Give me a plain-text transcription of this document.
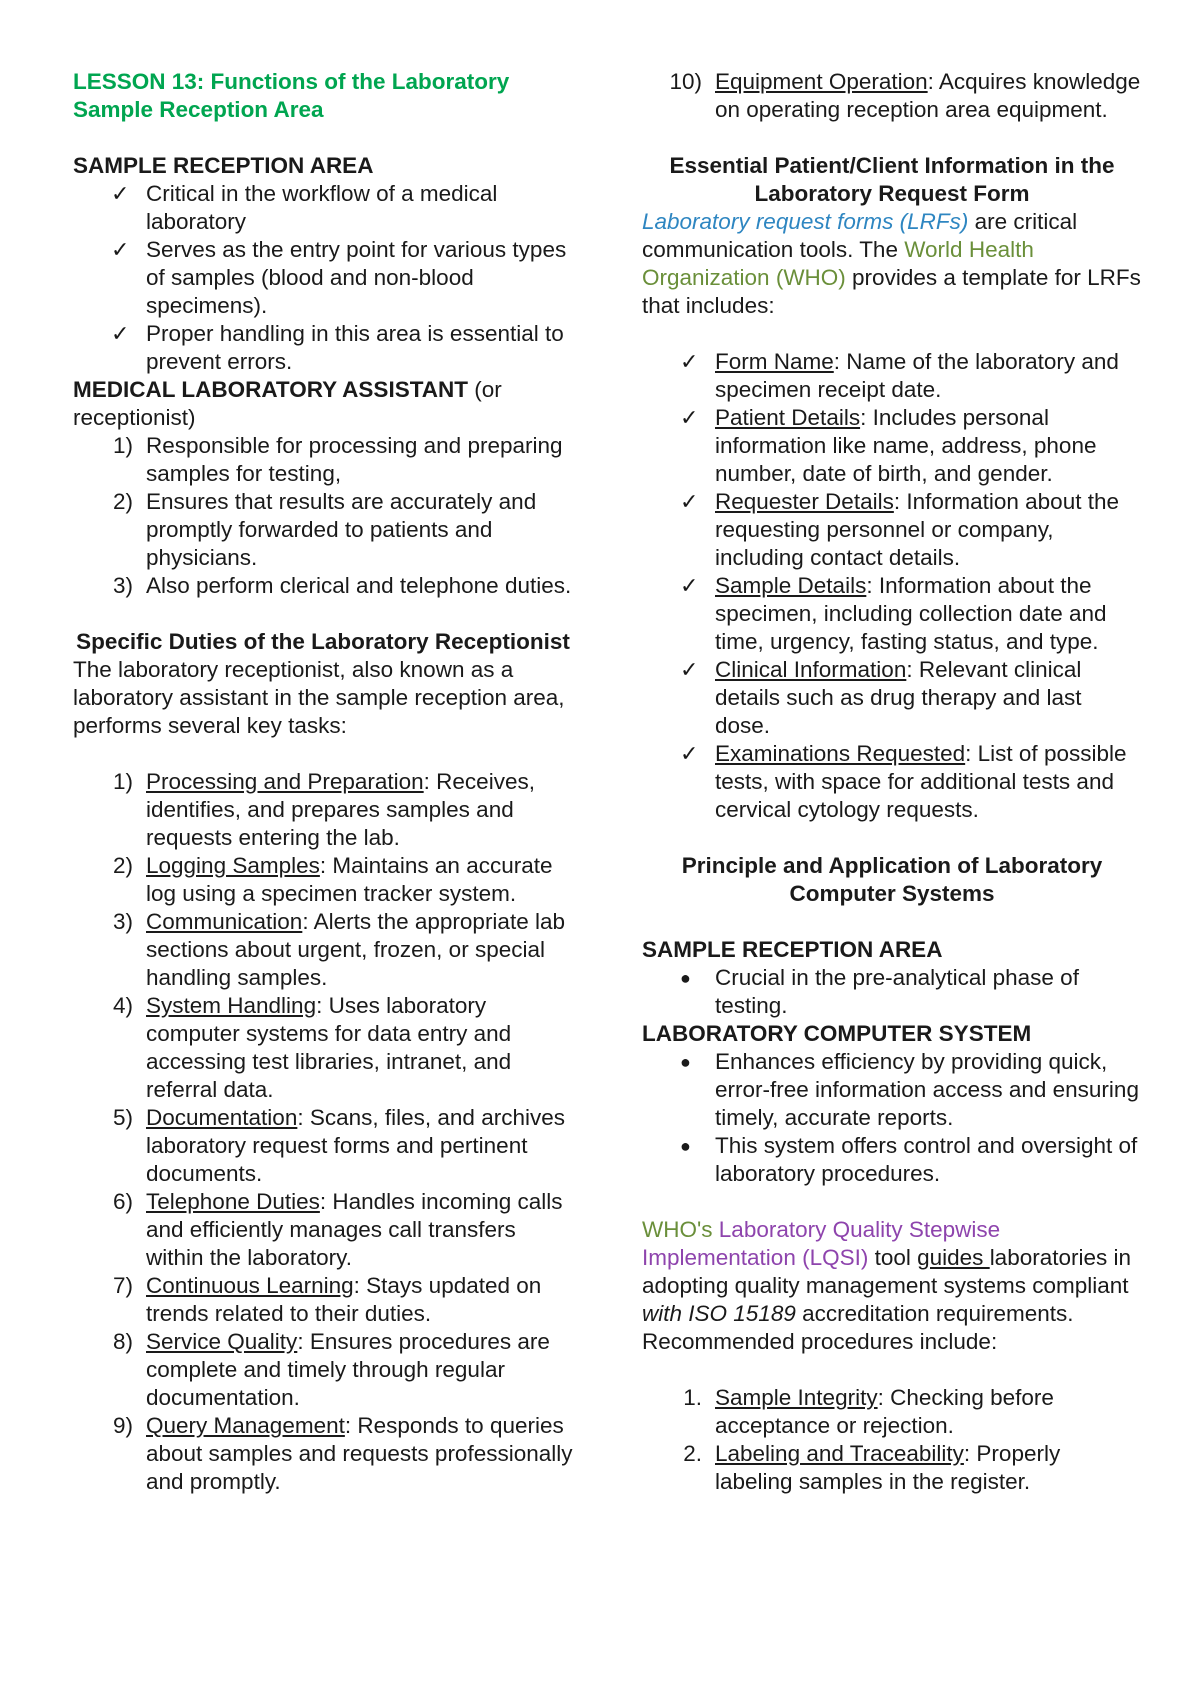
LESSON 13: Functions of the Laboratory Sample Reception Area

SAMPLE RECEPTION AREA

✓ Critical in the workflow of a medical laboratory
✓ Serves as the entry point for various types of samples (blood and non-blood specimens).
✓ Proper handling in this area is essential to prevent errors.

MEDICAL LABORATORY ASSISTANT (or receptionist)

1) Responsible for processing and preparing samples for testing,
2) Ensures that results are accurately and promptly forwarded to patients and physicians.
3) Also perform clerical and telephone duties.

Specific Duties of the Laboratory Receptionist

The laboratory receptionist, also known as a laboratory assistant in the sample reception area, performs several key tasks:

1) Processing and Preparation: Receives, identifies, and prepares samples and requests entering the lab.
2) Logging Samples: Maintains an accurate log using a specimen tracker system.
3) Communication: Alerts the appropriate lab sections about urgent, frozen, or special handling samples.
4) System Handling: Uses laboratory computer systems for data entry and accessing test libraries, intranet, and referral data.
5) Documentation: Scans, files, and archives laboratory request forms and pertinent documents.
6) Telephone Duties: Handles incoming calls and efficiently manages call transfers within the laboratory.
7) Continuous Learning: Stays updated on trends related to their duties.
8) Service Quality: Ensures procedures are complete and timely through regular documentation.
9) Query Management: Responds to queries about samples and requests professionally and promptly.
10) Equipment Operation: Acquires knowledge on operating reception area equipment.

Essential Patient/Client Information in the Laboratory Request Form

Laboratory request forms (LRFs) are critical communication tools. The World Health Organization (WHO) provides a template for LRFs that includes:

✓ Form Name: Name of the laboratory and specimen receipt date.
✓ Patient Details: Includes personal information like name, address, phone number, date of birth, and gender.
✓ Requester Details: Information about the requesting personnel or company, including contact details.
✓ Sample Details: Information about the specimen, including collection date and time, urgency, fasting status, and type.
✓ Clinical Information: Relevant clinical details such as drug therapy and last dose.
✓ Examinations Requested: List of possible tests, with space for additional tests and cervical cytology requests.

Principle and Application of Laboratory Computer Systems

SAMPLE RECEPTION AREA

● Crucial in the pre-analytical phase of testing.

LABORATORY COMPUTER SYSTEM

● Enhances efficiency by providing quick, error-free information access and ensuring timely, accurate reports.
● This system offers control and oversight of laboratory procedures.

WHO's Laboratory Quality Stepwise Implementation (LQSI) tool guides laboratories in adopting quality management systems compliant with ISO 15189 accreditation requirements. Recommended procedures include:

1. Sample Integrity: Checking before acceptance or rejection.
2. Labeling and Traceability: Properly labeling samples in the register.
